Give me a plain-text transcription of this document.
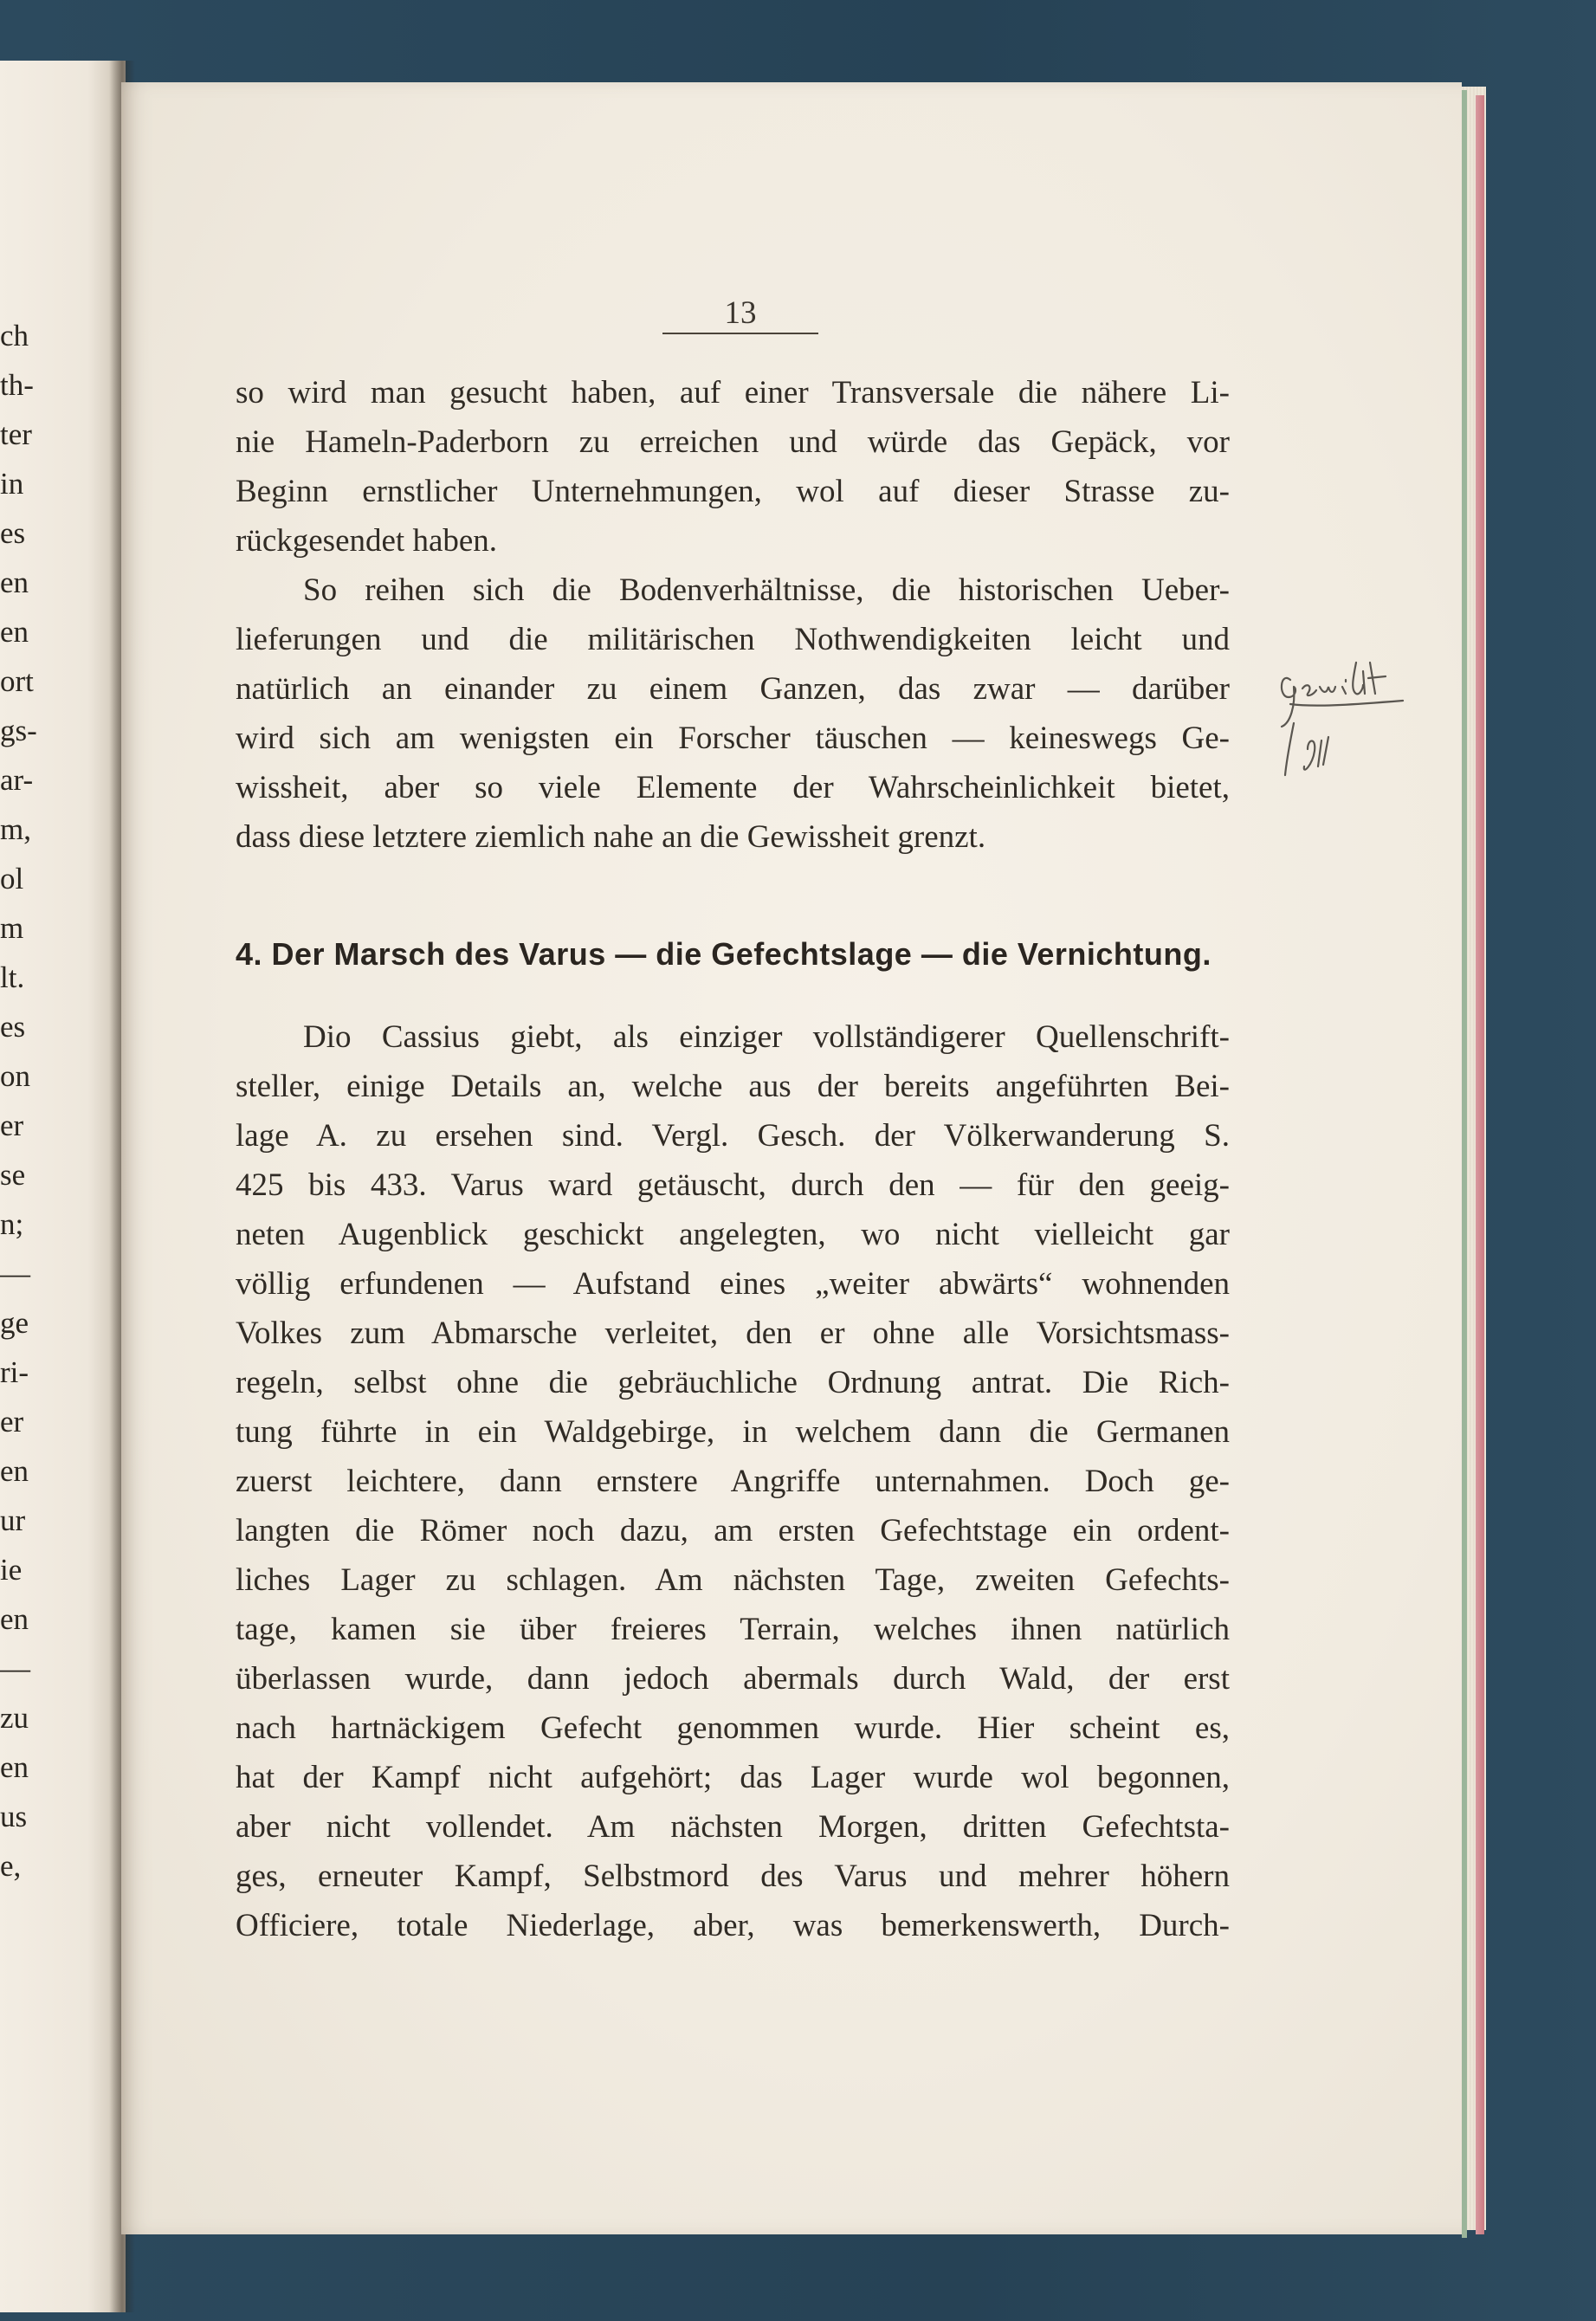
ch
th-
ter
in
es
en
en
ort
gs-
ar-
m,
ol
m
lt.
es
on
er
se
n;
—
ge
ri-
er
en
ur
ie
en
—
zu
en
us
e,
13
so wird man gesucht haben, auf einer Transversale die nähere Li-
nie Hameln-Paderborn zu erreichen und würde das Gepäck, vor
Beginn ernstlicher Unternehmungen, wol auf dieser Strasse zu-
rückgesendet haben.
So reihen sich die Bodenverhältnisse, die historischen Ueber-
lieferungen und die militärischen Nothwendigkeiten leicht und
natürlich an einander zu einem Ganzen, das zwar — darüber
wird sich am wenigsten ein Forscher täuschen — keineswegs Ge-
wissheit, aber so viele Elemente der Wahrscheinlichkeit bietet,
dass diese letztere ziemlich nahe an die Gewissheit grenzt.
4. Der Marsch des Varus — die Gefechtslage — die Vernichtung.
Dio Cassius giebt, als einziger vollständigerer Quellenschrift-
steller, einige Details an, welche aus der bereits angeführten Bei-
lage A. zu ersehen sind. Vergl. Gesch. der Völkerwanderung S.
425 bis 433. Varus ward getäuscht, durch den — für den geeig-
neten Augenblick geschickt angelegten, wo nicht vielleicht gar
völlig erfundenen — Aufstand eines „weiter abwärts“ wohnenden
Volkes zum Abmarsche verleitet, den er ohne alle Vorsichtsmass-
regeln, selbst ohne die gebräuchliche Ordnung antrat. Die Rich-
tung führte in ein Waldgebirge, in welchem dann die Germanen
zuerst leichtere, dann ernstere Angriffe unternahmen. Doch ge-
langten die Römer noch dazu, am ersten Gefechtstage ein ordent-
liches Lager zu schlagen. Am nächsten Tage, zweiten Gefechts-
tage, kamen sie über freieres Terrain, welches ihnen natürlich
überlassen wurde, dann jedoch abermals durch Wald, der erst
nach hartnäckigem Gefecht genommen wurde. Hier scheint es,
hat der Kampf nicht aufgehört; das Lager wurde wol begonnen,
aber nicht vollendet. Am nächsten Morgen, dritten Gefechtsta-
ges, erneuter Kampf, Selbstmord des Varus und mehrer höhern
Officiere, totale Niederlage, aber, was bemerkenswerth, Durch-
